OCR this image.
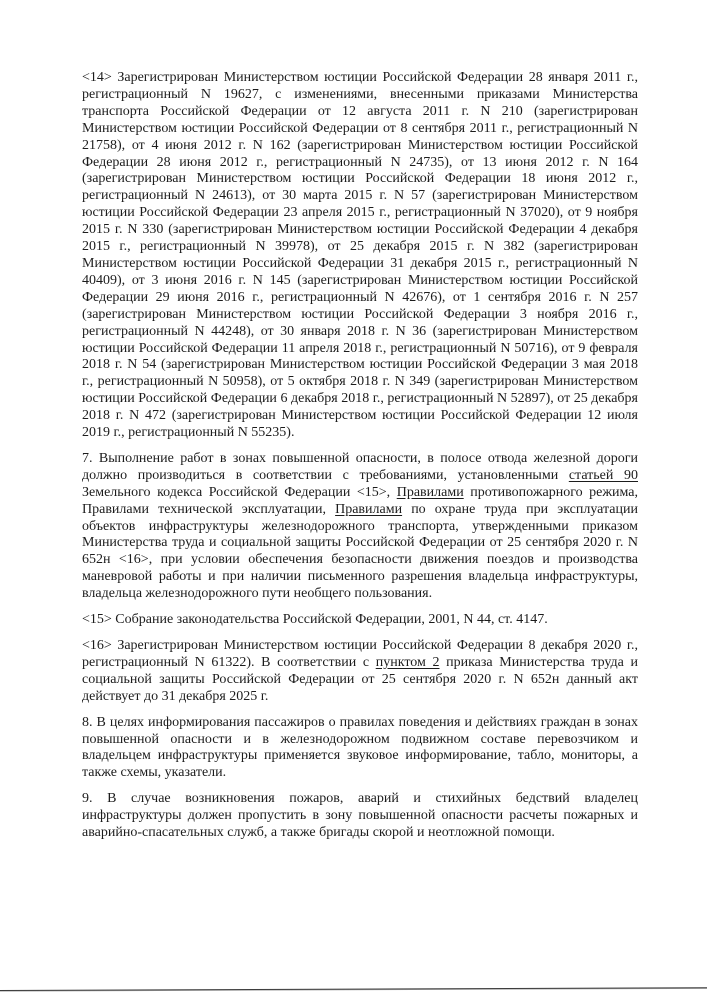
<14> Зарегистрирован Министерством юстиции Российской Федерации 28 января 2011 г., регистрационный N 19627, с изменениями, внесенными приказами Министерства транспорта Российской Федерации от 12 августа 2011 г. N 210 (зарегистрирован Министерством юстиции Российской Федерации от 8 сентября 2011 г., регистрационный N 21758), от 4 июня 2012 г. N 162 (зарегистрирован Министерством юстиции Российской Федерации 28 июня 2012 г., регистрационный N 24735), от 13 июня 2012 г. N 164 (зарегистрирован Министерством юстиции Российской Федерации 18 июня 2012 г., регистрационный N 24613), от 30 марта 2015 г. N 57 (зарегистрирован Министерством юстиции Российской Федерации 23 апреля 2015 г., регистрационный N 37020), от 9 ноября 2015 г. N 330 (зарегистрирован Министерством юстиции Российской Федерации 4 декабря 2015 г., регистрационный N 39978), от 25 декабря 2015 г. N 382 (зарегистрирован Министерством юстиции Российской Федерации 31 декабря 2015 г., регистрационный N 40409), от 3 июня 2016 г. N 145 (зарегистрирован Министерством юстиции Российской Федерации 29 июня 2016 г., регистрационный N 42676), от 1 сентября 2016 г. N 257 (зарегистрирован Министерством юстиции Российской Федерации 3 ноября 2016 г., регистрационный N 44248), от 30 января 2018 г. N 36 (зарегистрирован Министерством юстиции Российской Федерации 11 апреля 2018 г., регистрационный N 50716), от 9 февраля 2018 г. N 54 (зарегистрирован Министерством юстиции Российской Федерации 3 мая 2018 г., регистрационный N 50958), от 5 октября 2018 г. N 349 (зарегистрирован Министерством юстиции Российской Федерации 6 декабря 2018 г., регистрационный N 52897), от 25 декабря 2018 г. N 472 (зарегистрирован Министерством юстиции Российской Федерации 12 июля 2019 г., регистрационный N 55235).

7. Выполнение работ в зонах повышенной опасности, в полосе отвода железной дороги должно производиться в соответствии с требованиями, установленными статьей 90 Земельного кодекса Российской Федерации <15>, Правилами противопожарного режима, Правилами технической эксплуатации, Правилами по охране труда при эксплуатации объектов инфраструктуры железнодорожного транспорта, утвержденными приказом Министерства труда и социальной защиты Российской Федерации от 25 сентября 2020 г. N 652н <16>, при условии обеспечения безопасности движения поездов и производства маневровой работы и при наличии письменного разрешения владельца инфраструктуры, владельца железнодорожного пути необщего пользования.

<15> Собрание законодательства Российской Федерации, 2001, N 44, ст. 4147.

<16> Зарегистрирован Министерством юстиции Российской Федерации 8 декабря 2020 г., регистрационный N 61322). В соответствии с пунктом 2 приказа Министерства труда и социальной защиты Российской Федерации от 25 сентября 2020 г. N 652н данный акт действует до 31 декабря 2025 г.

8. В целях информирования пассажиров о правилах поведения и действиях граждан в зонах повышенной опасности и в железнодорожном подвижном составе перевозчиком и владельцем инфраструктуры применяется звуковое информирование, табло, мониторы, а также схемы, указатели.

9. В случае возникновения пожаров, аварий и стихийных бедствий владелец инфраструктуры должен пропустить в зону повышенной опасности расчеты пожарных и аварийно-спасательных служб, а также бригады скорой и неотложной помощи.
